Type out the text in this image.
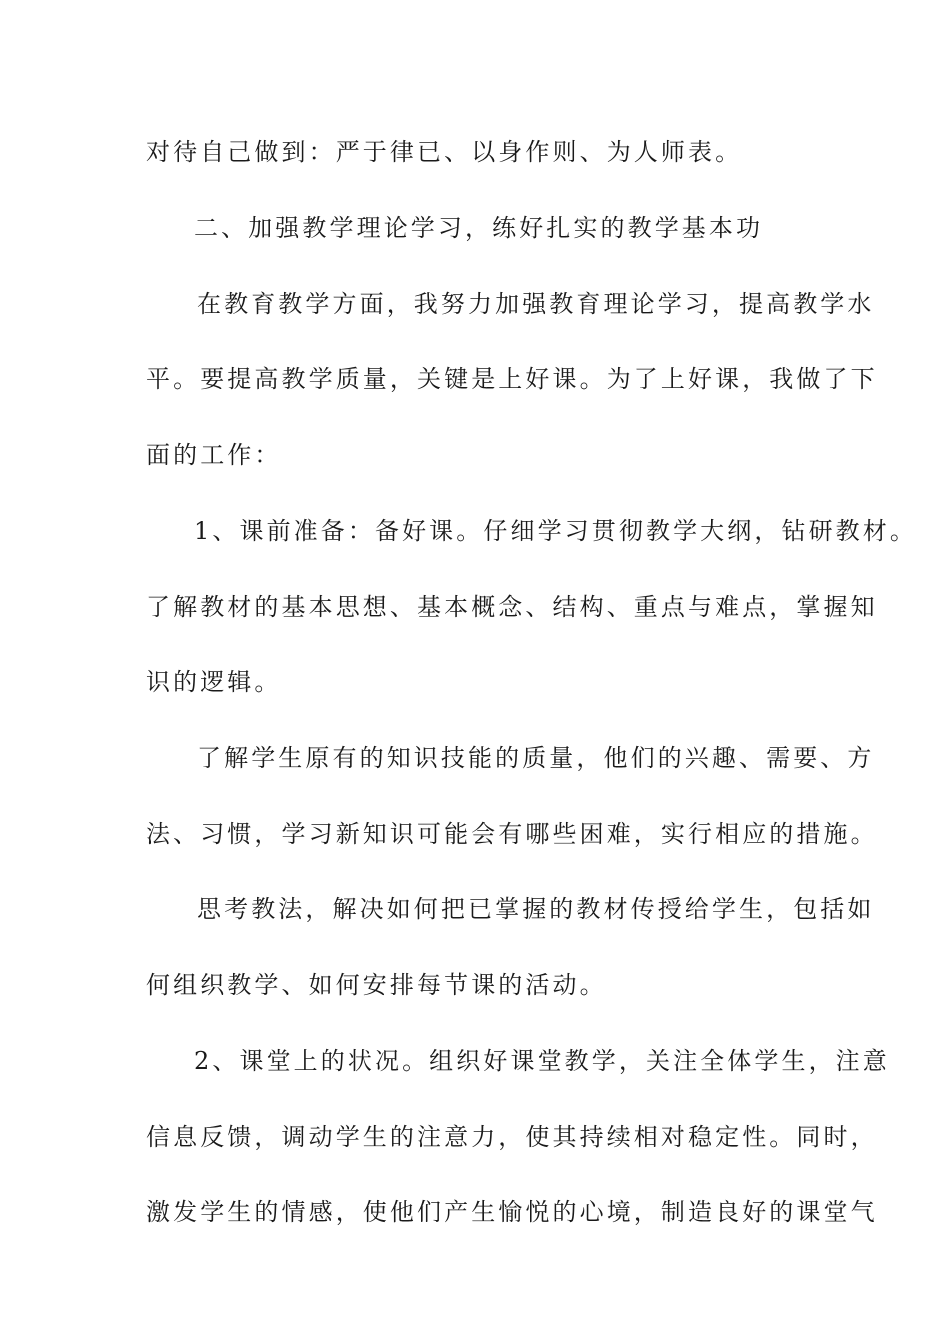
对待自己做到：严于律已、以身作则、为人师表。
二、加强教学理论学习，练好扎实的教学基本功
在教育教学方面，我努力加强教育理论学习，提高教学水
平。要提高教学质量，关键是上好课。为了上好课，我做了下
面的工作：
1、课前准备：备好课。仔细学习贯彻教学大纲，钻研教材。
了解教材的基本思想、基本概念、结构、重点与难点，掌握知
识的逻辑。
了解学生原有的知识技能的质量，他们的兴趣、需要、方
法、习惯，学习新知识可能会有哪些困难，实行相应的措施。
思考教法，解决如何把已掌握的教材传授给学生，包括如
何组织教学、如何安排每节课的活动。
2、课堂上的状况。组织好课堂教学，关注全体学生，注意
信息反馈，调动学生的注意力，使其持续相对稳定性。同时，
激发学生的情感，使他们产生愉悦的心境，制造良好的课堂气
